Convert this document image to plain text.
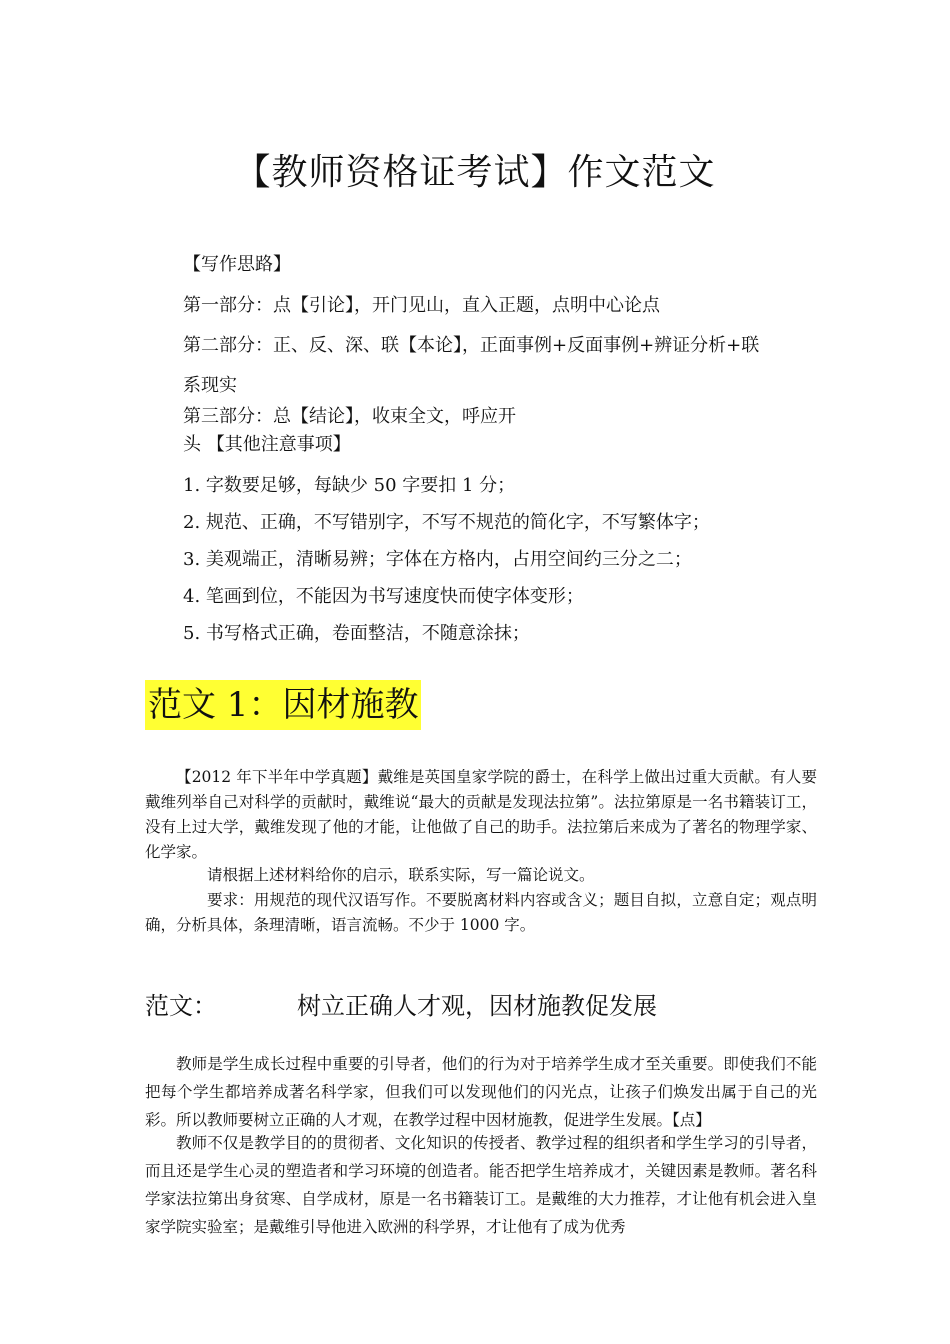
【教师资格证考试】作文范文
【写作思路】
第一部分：点【引论】，开门见山，直入正题，点明中心论点
第二部分：正、反、深、联【本论】，正面事例+反面事例+辨证分析+联
系现实
第三部分：总【结论】，收束全文，呼应开
头 【其他注意事项】
1. 字数要足够，每缺少 50 字要扣 1 分；
2. 规范、正确，不写错别字，不写不规范的简化字，不写繁体字；
3. 美观端正，清晰易辨；字体在方格内，占用空间约三分之二；
4. 笔画到位，不能因为书写速度快而使字体变形；
5. 书写格式正确，卷面整洁，不随意涂抹；
范文 1：因材施教
【2012 年下半年中学真题】戴维是英国皇家学院的爵士，在科学上做出过重大贡献。有人要戴维列举自己对科学的贡献时，戴维说“最大的贡献是发现法拉第”。法拉第原是一名书籍装订工，没有上过大学，戴维发现了他的才能，让他做了自己的助手。法拉第后来成为了著名的物理学家、化学家。
请根据上述材料给你的启示，联系实际，写一篇论说文。
要求：用规范的现代汉语写作。不要脱离材料内容或含义；题目自拟，立意自定；观点明确，分析具体，条理清晰，语言流畅。不少于 1000 字。
范文：	树立正确人才观，因材施教促发展
教师是学生成长过程中重要的引导者，他们的行为对于培养学生成才至关重要。即使我们不能把每个学生都培养成著名科学家，但我们可以发现他们的闪光点，让孩子们焕发出属于自己的光彩。所以教师要树立正确的人才观，在教学过程中因材施教，促进学生发展。【点】
教师不仅是教学目的的贯彻者、文化知识的传授者、教学过程的组织者和学生学习的引导者，而且还是学生心灵的塑造者和学习环境的创造者。能否把学生培养成才，关键因素是教师。著名科学家法拉第出身贫寒、自学成材，原是一名书籍装订工。是戴维的大力推荐，才让他有机会进入皇家学院实验室；是戴维引导他进入欧洲的科学界，才让他有了成为优秀
